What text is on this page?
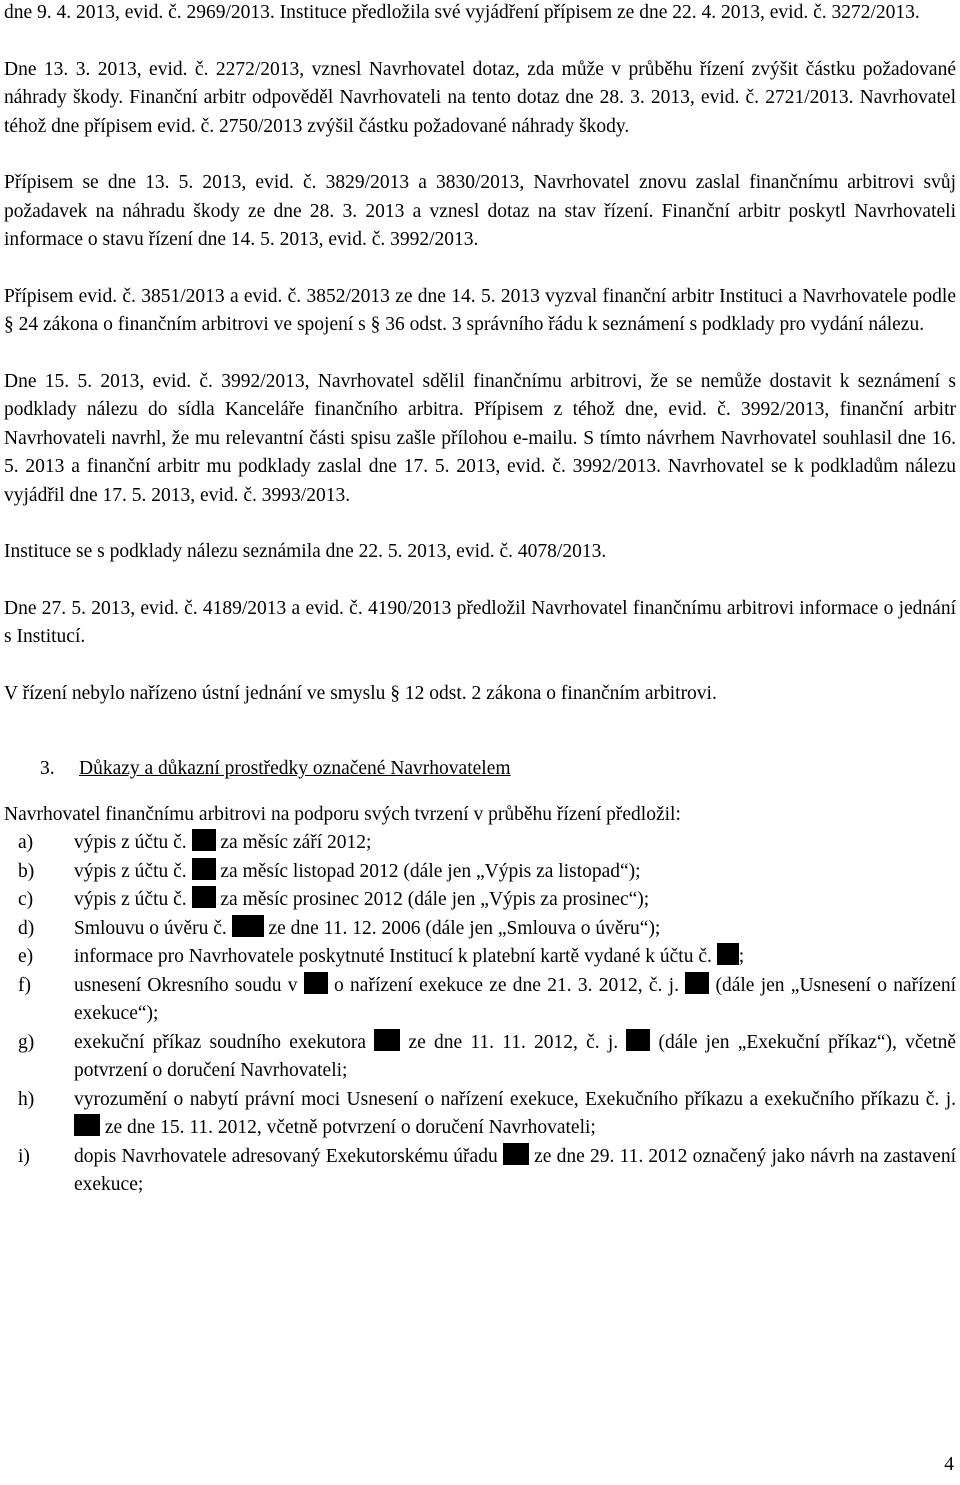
dne 9. 4. 2013, evid. č. 2969/2013. Instituce předložila své vyjádření přípisem ze dne 22. 4. 2013, evid. č. 3272/2013.

Dne 13. 3. 2013, evid. č. 2272/2013, vznesl Navrhovatel dotaz, zda může v průběhu řízení zvýšit částku požadované náhrady škody. Finanční arbitr odpověděl Navrhovateli na tento dotaz dne 28. 3. 2013, evid. č. 2721/2013. Navrhovatel téhož dne přípisem evid. č. 2750/2013 zvýšil částku požadované náhrady škody.

Přípisem se dne 13. 5. 2013, evid. č. 3829/2013 a 3830/2013, Navrhovatel znovu zaslal finančnímu arbitrovi svůj požadavek na náhradu škody ze dne 28. 3. 2013 a vznesl dotaz na stav řízení. Finanční arbitr poskytl Navrhovateli informace o stavu řízení dne 14. 5. 2013, evid. č. 3992/2013.

Přípisem evid. č. 3851/2013 a evid. č. 3852/2013 ze dne 14. 5. 2013 vyzval finanční arbitr Instituci a Navrhovatele podle § 24 zákona o finančním arbitrovi ve spojení s § 36 odst. 3 správního řádu k seznámení s podklady pro vydání nálezu.

Dne 15. 5. 2013, evid. č. 3992/2013, Navrhovatel sdělil finančnímu arbitrovi, že se nemůže dostavit k seznámení s podklady nálezu do sídla Kanceláře finančního arbitra. Přípisem z téhož dne, evid. č. 3992/2013, finanční arbitr Navrhovateli navrhl, že mu relevantní části spisu zašle přílohou e-mailu. S tímto návrhem Navrhovatel souhlasil dne 16. 5. 2013 a finanční arbitr mu podklady zaslal dne 17. 5. 2013, evid. č. 3992/2013. Navrhovatel se k podkladům nálezu vyjádřil dne 17. 5. 2013, evid. č. 3993/2013.

Instituce se s podklady nálezu seznámila dne 22. 5. 2013, evid. č. 4078/2013.

Dne 27. 5. 2013, evid. č. 4189/2013 a evid. č. 4190/2013 předložil Navrhovatel finančnímu arbitrovi informace o jednání s Institucí.

V řízení nebylo nařízeno ústní jednání ve smyslu § 12 odst. 2 zákona o finančním arbitrovi.

3. Důkazy a důkazní prostředky označené Navrhovatelem

Navrhovatel finančnímu arbitrovi na podporu svých tvrzení v průběhu řízení předložil:

a)	výpis z účtu č.  za měsíc září 2012;
b)	výpis z účtu č.  za měsíc listopad 2012 (dále jen „Výpis za listopad“);
c)	výpis z účtu č.  za měsíc prosinec 2012 (dále jen „Výpis za prosinec“);
d)	Smlouvu o úvěru č.  ze dne 11. 12. 2006 (dále jen „Smlouva o úvěru“);
e)	informace pro Navrhovatele poskytnuté Institucí k platební kartě vydané k účtu č. ;
f)	usnesení Okresního soudu v  o nařízení exekuce ze dne 21. 3. 2012, č. j.  (dále jen „Usnesení o nařízení exekuce“);
g)	exekuční příkaz soudního exekutora  ze dne 11. 11. 2012, č. j.  (dále jen „Exekuční příkaz“), včetně potvrzení o doručení Navrhovateli;
h)	vyrozumění o nabytí právní moci Usnesení o nařízení exekuce, Exekučního příkazu a exekučního příkazu č. j.  ze dne 15. 11. 2012, včetně potvrzení o doručení Navrhovateli;
i)	dopis Navrhovatele adresovaný Exekutorskému úřadu  ze dne 29. 11. 2012 označený jako návrh na zastavení exekuce;
4
